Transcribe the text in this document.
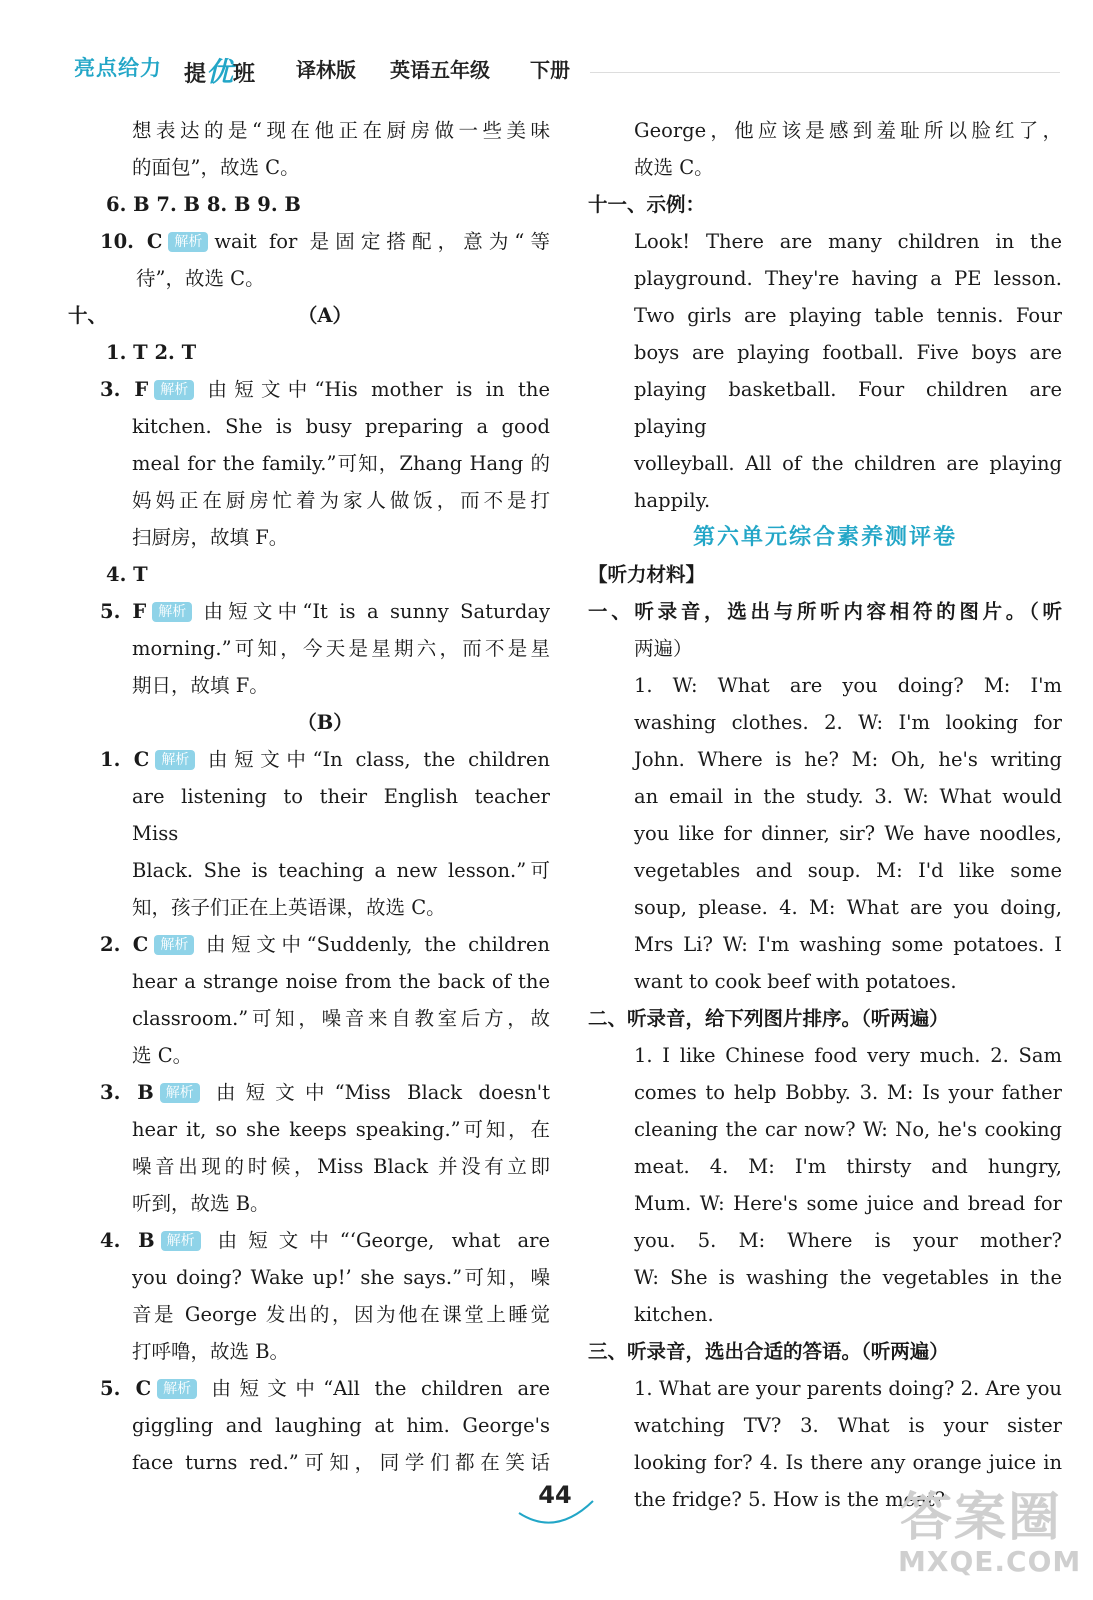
亮点给力 提优班 译林版 英语五年级 下册

想表达的是“现在他正在厨房做一些美味

的面包”，故选 C。

6. B 7. B 8. B 9. B

10. C 解析 wait for 是固定搭配，意为“等

待”，故选 C。

十、	（A）

1. T 2. T

3. F 解析 由短文中“His mother is in the

kitchen. She is busy preparing a good

meal for the family.”可知，Zhang Hang 的

妈妈正在厨房忙着为家人做饭，而不是打

扫厨房，故填 F。

4. T

5. F 解析 由短文中“It is a sunny Saturday

morning.”可知，今天是星期六，而不是星

期日，故填 F。

（B）

1. C 解析 由短文中“In class, the children

are listening to their English teacher Miss

Black. She is teaching a new lesson.”可

知，孩子们正在上英语课，故选 C。

2. C 解析 由短文中“Suddenly, the children

hear a strange noise from the back of the

classroom.”可知，噪音来自教室后方，故

选 C。

3. B 解析 由短文中“Miss Black doesn't

hear it, so she keeps speaking.”可知，在

噪音出现的时候，Miss Black 并没有立即

听到，故选 B。

4. B 解析 由短文中“‘George, what are

you doing? Wake up!’ she says.”可知，噪

音是 George 发出的，因为他在课堂上睡觉

打呼噜，故选 B。

5. C 解析 由短文中“All the children are

giggling and laughing at him. George's

face turns red.”可知，同学们都在笑话

George，他应该是感到羞耻所以脸红了，

故选 C。

十一、示例：

Look! There are many children in the

playground. They're having a PE lesson.

Two girls are playing table tennis. Four

boys are playing football. Five boys are

playing basketball. Four children are playing

volleyball. All of the children are playing

happily.

第六单元综合素养测评卷

【听力材料】

一、听录音，选出与所听内容相符的图片。（听

两遍）

1. W: What are you doing? M: I'm

washing clothes. 2. W: I'm looking for

John. Where is he? M: Oh, he's writing

an email in the study. 3. W: What would

you like for dinner, sir? We have noodles,

vegetables and soup. M: I'd like some

soup, please. 4. M: What are you doing,

Mrs Li? W: I'm washing some potatoes. I

want to cook beef with potatoes.

二、听录音，给下列图片排序。（听两遍）

1. I like Chinese food very much. 2. Sam

comes to help Bobby. 3. M: Is your father

cleaning the car now? W: No, he's cooking

meat. 4. M: I'm thirsty and hungry,

Mum. W: Here's some juice and bread for

you. 5. M: Where is your mother?

W: She is washing the vegetables in the

kitchen.

三、听录音，选出合适的答语。（听两遍）

1. What are your parents doing? 2. Are you

watching TV? 3. What is your sister

looking for? 4. Is there any orange juice in

the fridge? 5. How is the meat?

44	答案圈
MXQE.COM
